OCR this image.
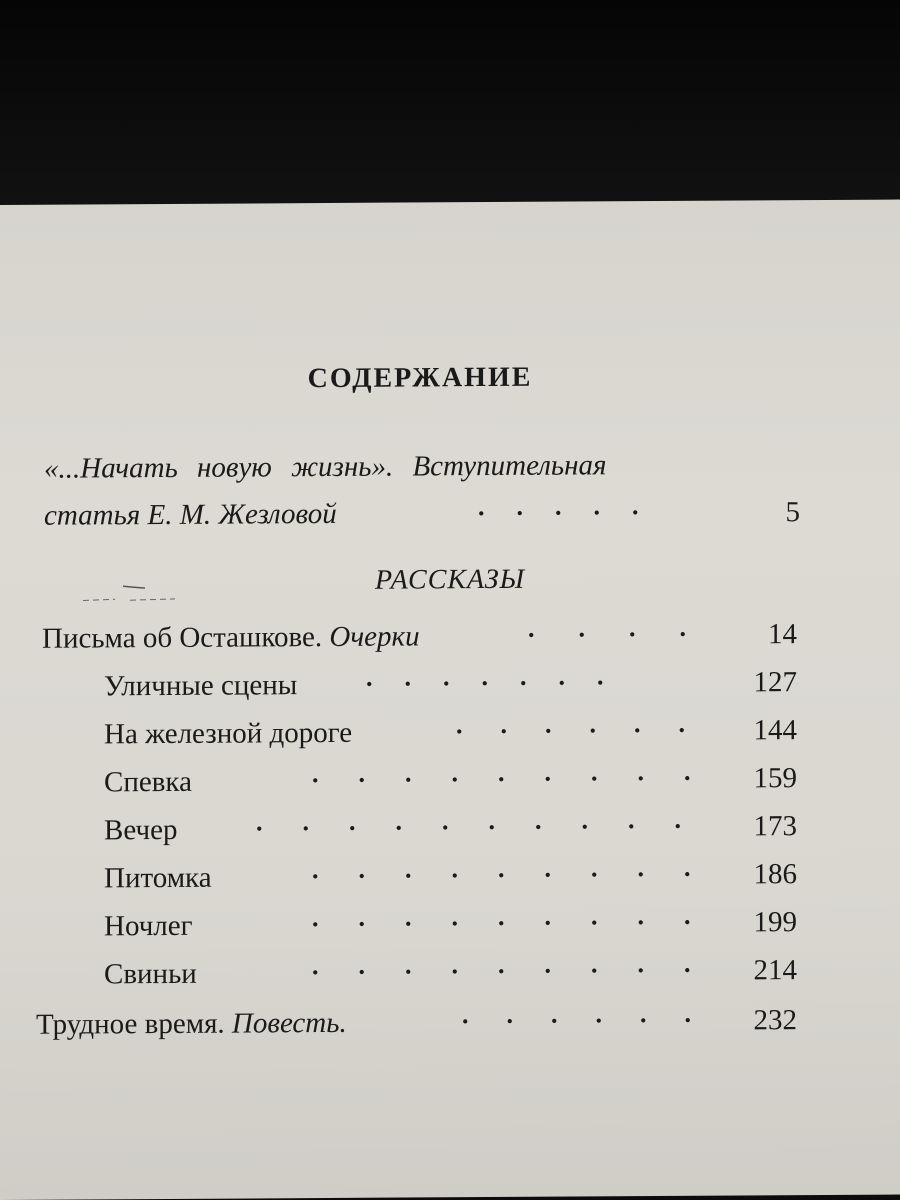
СОДЕРЖАНИЕ
«...Начать новую жизнь». Вступительная
статья Е. М. Жезловой	.....	5
РАССКАЗЫ
Письма об Осташкове. Очерки	....	14
Уличные сцены	.......	127
На железной дороге	......	144
Спевка	......... 159
Вечер	..........	173
Питомка	......... 186
Ночлег	......... 199
Свиньи	......... 214
Трудное время. Повесть.	...... 232
